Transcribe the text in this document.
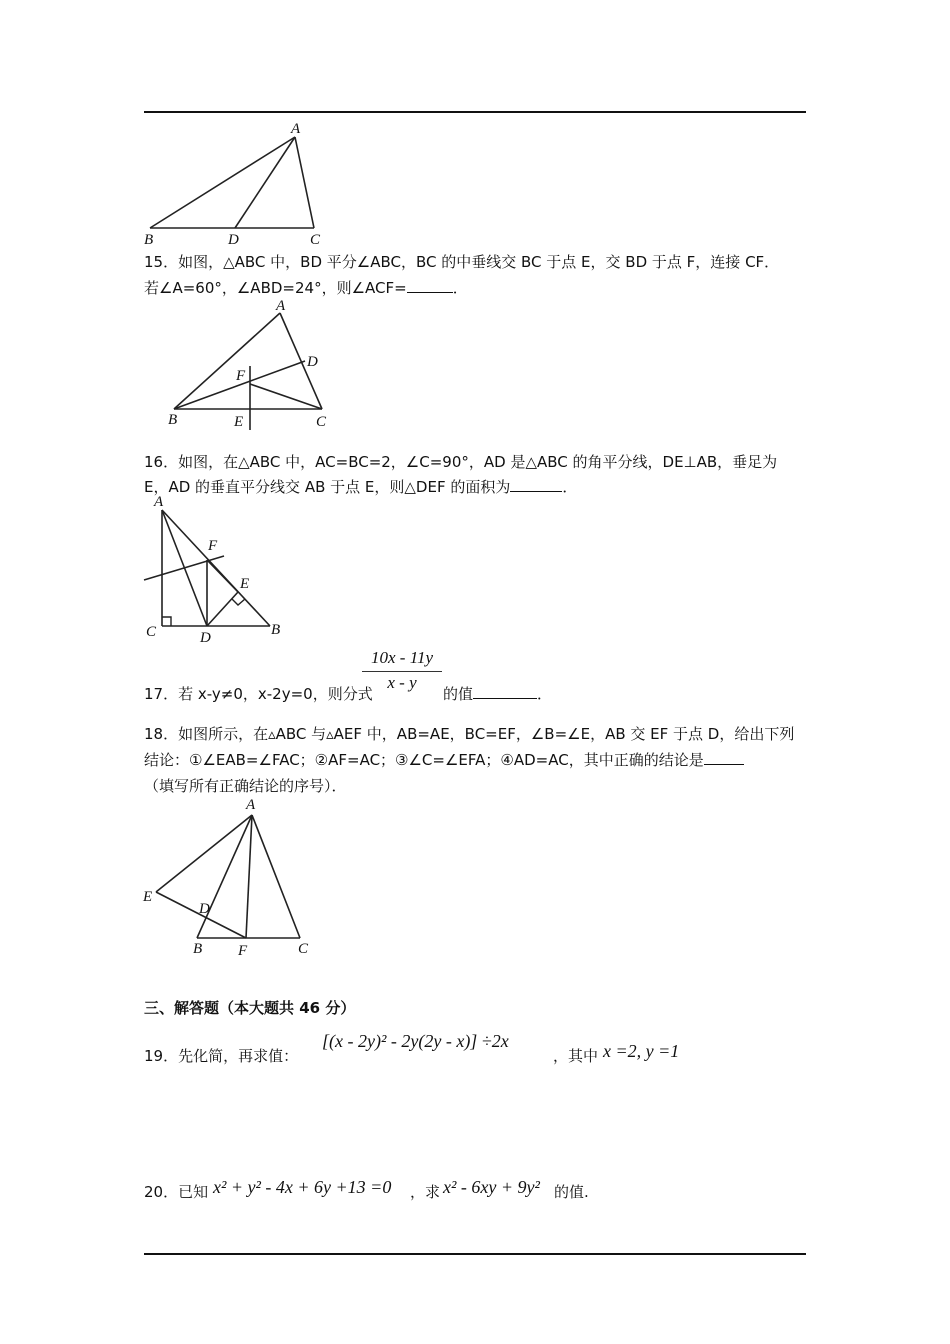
A
B	D	C
15．如图，△ABC 中，BD 平分∠ABC，BC 的中垂线交 BC 于点 E，交 BD 于点 F，连接 CF．
若∠A=60°，∠ABD=24°，则∠ACF=	．
A
D
F
B	E	C
16．如图，在△ABC 中，AC=BC=2，∠C=90°，AD 是△ABC 的角平分线，DE⊥AB，垂足为
E，AD 的垂直平分线交 AB 于点 E，则△DEF 的面积为	．
A
F
E
C	D	B
10x - 11y
x - y
17．若 x-y≠0，x-2y=0，则分式	的值	．
18．如图所示，在▵ABC 与▵AEF 中，AB=AE，BC=EF，∠B=∠E，AB 交 EF 于点 D，给出下列
结论：①∠EAB=∠FAC；②AF=AC；③∠C=∠EFA；④AD=AC，其中正确的结论是
（填写所有正确结论的序号）．
A
E
D
B F	C
三、解答题（本大题共 46 分）
19．先化简，再求值：
[(x - 2y)² - 2y(2y - x)] ÷2x
，其中 x =2, y =1
20．已知 x² + y² - 4x + 6y +13 =0 ，求 x² - 6xy + 9y² 的值.
